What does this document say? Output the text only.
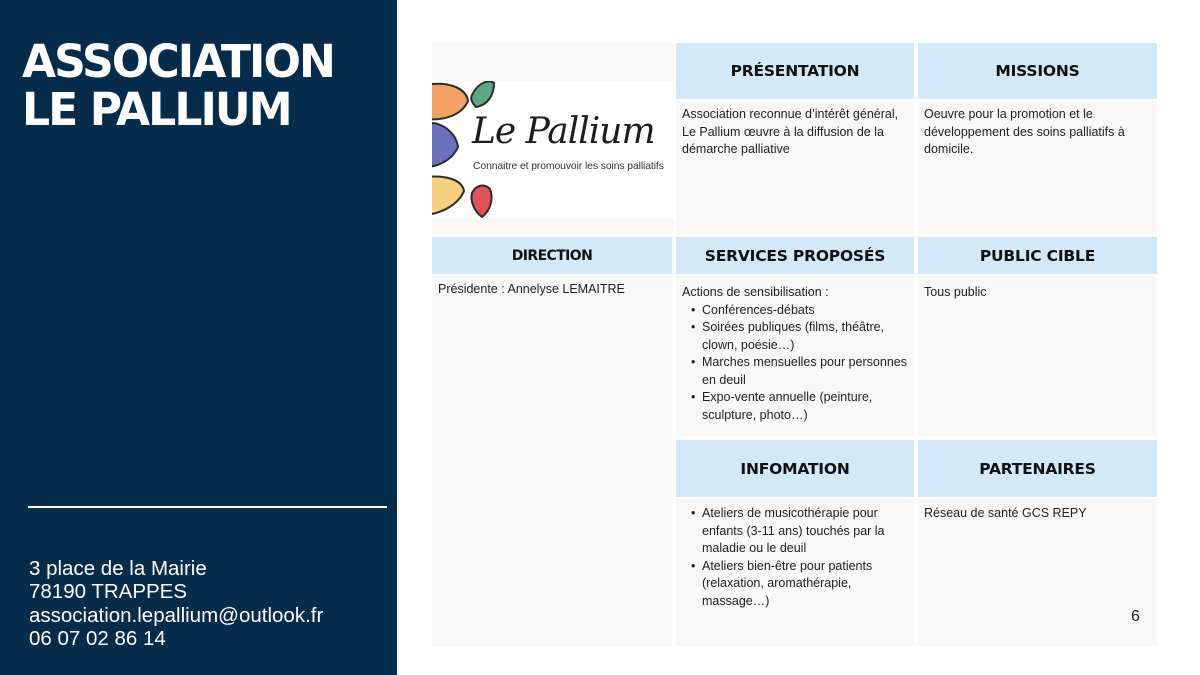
ASSOCIATION LE PALLIUM
3 place de la Mairie
78190 TRAPPES
association.lepallium@outlook.fr
06 07 02 86 14
Le Pallium
Connaitre et promouvoir les soins palliatifs
PRÉSENTATION
Association reconnue d’intérêt général, Le Pallium œuvre à la diffusion de la démarche palliative
MISSIONS
Oeuvre pour la promotion et le développement des soins palliatifs à domicile.
DIRECTION
Présidente : Annelyse LEMAITRE
SERVICES PROPOSÉS
Actions de sensibilisation :
• Conférences-débats
• Soirées publiques (films, théâtre, clown, poésie…)
• Marches mensuelles pour personnes en deuil
• Expo-vente annuelle (peinture, sculpture, photo…)
PUBLIC CIBLE
Tous public
INFOMATION
• Ateliers de musicothérapie pour enfants (3-11 ans) touchés par la maladie ou le deuil
• Ateliers bien-être pour patients (relaxation, aromathérapie, massage…)
PARTENAIRES
Réseau de santé GCS REPY
6
